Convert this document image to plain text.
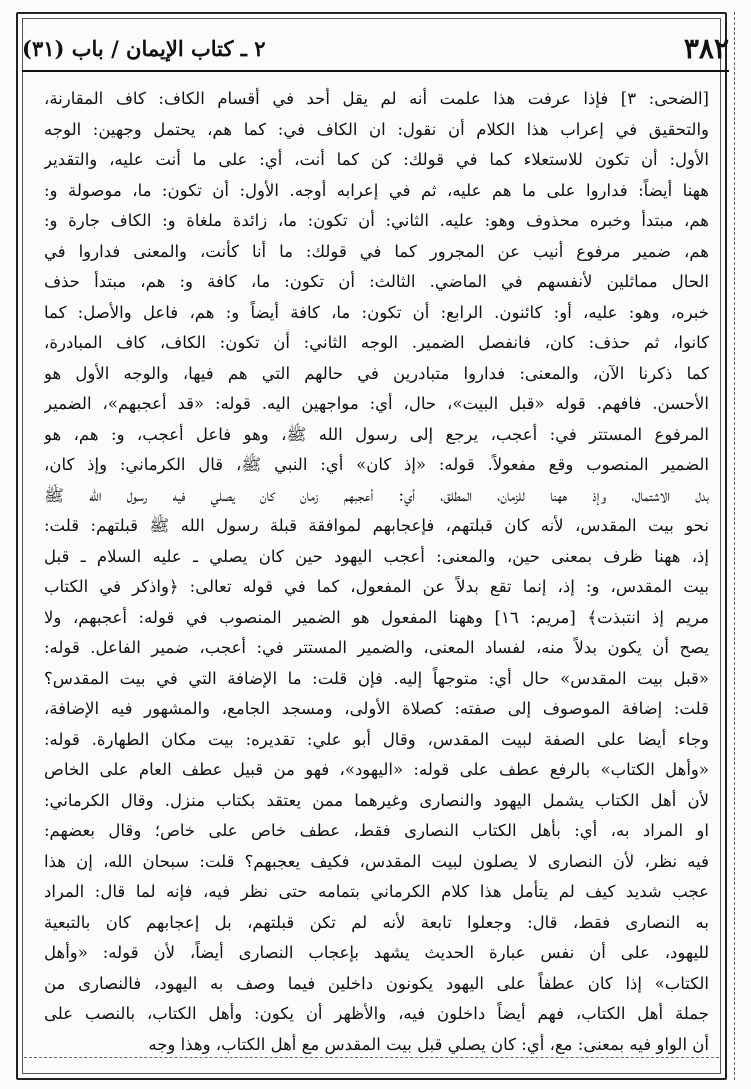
٣٨٢
٢ ـ كتاب الإيمان / باب (٣١)
[الضحى: ٣] فإذا عرفت هذا علمت أنه لم يقل أحد في أقسام الكاف: كاف المقارنة،
والتحقيق في إعراب هذا الكلام أن نقول: ان الكاف في: كما هم، يحتمل وجهين: الوجه
الأول: أن تكون للاستعلاء كما في قولك: كن كما أنت، أي: على ما أنت عليه، والتقدير
ههنا أيضاً: فداروا على ما هم عليه، ثم في إعرابه أوجه. الأول: أن تكون: ما، موصولة و:
هم، مبتدأ وخبره محذوف وهو: عليه. الثاني: أن تكون: ما، زائدة ملغاة و: الكاف جارة و:
هم، ضمير مرفوع أنيب عن المجرور كما في قولك: ما أنا كأنت، والمعنى فداروا في
الحال مماثلين لأنفسهم في الماضي. الثالث: أن تكون: ما، كافة و: هم، مبتدأ حذف
خبره، وهو: عليه، أو: كائنون. الرابع: أن تكون: ما، كافة أيضاً و: هم، فاعل والأصل: كما
كانوا، ثم حذف: كان، فانفصل الضمير. الوجه الثاني: أن تكون: الكاف، كاف المبادرة،
كما ذكرنا الآن، والمعنى: فداروا متبادرين في حالهم التي هم فيها، والوجه الأول هو
الأحسن. فافهم. قوله «قبل البيت»، حال، أي: مواجهين اليه. قوله: «قد أعجبهم»، الضمير
المرفوع المستتر في: أعجب، يرجع إلى رسول الله ﷺ، وهو فاعل أعجب، و: هم، هو
الضمير المنصوب وقع مفعولاً. قوله: «إذ كان» أي: النبي ﷺ، قال الكرماني: وإذ كان،
بدل الاشتمال، وإذ ههنا للزمان، المطلق، أي: أعجبهم زمان كان يصلي فيه رسول الله ﷺ
نحو بيت المقدس، لأنه كان قبلتهم، فإعجابهم لموافقة قبلة رسول الله ﷺ قبلتهم: قلت:
إذ، ههنا ظرف بمعنى حين، والمعنى: أعجب اليهود حين كان يصلي ـ عليه السلام ـ قبل
بيت المقدس، و: إذ، إنما تقع بدلاً عن المفعول، كما في قوله تعالى: ﴿واذكر في الكتاب
مريم إذ انتبذت﴾ [مريم: ١٦] وههنا المفعول هو الضمير المنصوب في قوله: أعجبهم، ولا
يصح أن يكون بدلاً منه، لفساد المعنى، والضمير المستتر في: أعجب، ضمير الفاعل. قوله:
«قبل بيت المقدس» حال أي: متوجهاً إليه. فإن قلت: ما الإضافة التي في بيت المقدس؟
قلت: إضافة الموصوف إلى صفته: كصلاة الأولى، ومسجد الجامع، والمشهور فيه الإضافة،
وجاء أيضا على الصفة لبيت المقدس، وقال أبو علي: تقديره: بيت مكان الطهارة. قوله:
«وأهل الكتاب» بالرفع عطف على قوله: «اليهود»، فهو من قبيل عطف العام على الخاص
لأن أهل الكتاب يشمل اليهود والنصارى وغيرهما ممن يعتقد بكتاب منزل. وقال الكرماني:
او المراد به، أي: بأهل الكتاب النصارى فقط، عطف خاص على خاص؛ وقال بعضهم:
فيه نظر، لأن النصارى لا يصلون لبيت المقدس، فكيف يعجبهم؟ قلت: سبحان الله، إن هذا
عجب شديد كيف لم يتأمل هذا كلام الكرماني بتمامه حتى نظر فيه، فإنه لما قال: المراد
به النصارى فقط، قال: وجعلوا تابعة لأنه لم تكن قبلتهم، بل إعجابهم كان بالتبعية
لليهود، على أن نفس عبارة الحديث يشهد بإعجاب النصارى أيضاً، لأن قوله: «وأهل
الكتاب» إذا كان عطفاً على اليهود يكونون داخلين فيما وصف به اليهود، فالنصارى من
جملة أهل الكتاب، فهم أيضاً داخلون فيه، والأظهر أن يكون: وأهل الكتاب، بالنصب على
أن الواو فيه بمعنى: مع، أي: كان يصلي قبل بيت المقدس مع أهل الكتاب، وهذا وجه
